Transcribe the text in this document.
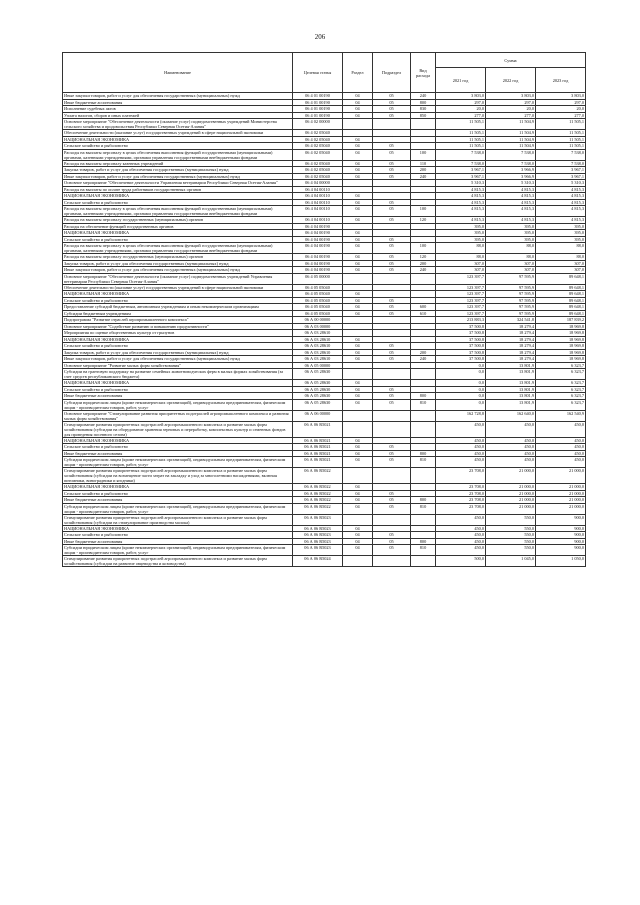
206
Наименование	Целевая статья	Раздел	Подраздел	Вид расхода	Сумма		
					2021 год	2022 год	2023 год
Иные закупки товаров, работ и услуг для обеспечения государственных (муниципальных) нужд	06 4 01 00190	04	05	240	3 803,0	3 803,0	3 803,0
Иные бюджетные ассигнования	06 4 01 00190	04	05	800	297,0	297,0	297,0
Исполнение судебных актов	06 4 01 00190	04	05	830	20,0	20,0	20,0
Уплата налогов, сборов и иных платежей	06 4 01 00190	04	05	850	277,0	277,0	277,0
Основное мероприятие "Обеспечение деятельности (оказание услуг) подведомственных учреждений Министерства сельского хозяйства и продовольствия Республики Северная Осетия-Алания"	06 4 02 00000				11 505,1	11 504,9	11 505,1
Обеспечение деятельности (оказание услуг) государственных учреждений в сфере национальной экономики	06 4 02 05040				11 505,1	11 504,9	11 505,1
НАЦИОНАЛЬНАЯ ЭКОНОМИКА	06 4 02 05040	04			11 505,1	11 504,9	11 505,1
Сельское хозяйство и рыболовство	06 4 02 05040	04	05		11 505,1	11 504,9	11 505,1
Расходы на выплаты персоналу в целях обеспечения выполнения функций государственными (муниципальными) органами, казенными учреждениями, органами управления государственными внебюджетными фондами	06 4 02 05040	04	05	100	7 538,0	7 538,0	7 538,0
Расходы на выплаты персоналу казенных учреждений	06 4 02 05040	04	05	110	7 538,0	7 538,0	7 538,0
Закупка товаров, работ и услуг для обеспечения государственных (муниципальных) нужд	06 4 02 05040	04	05	200	3 967,1	3 966,9	3 967,1
Иные закупки товаров, работ и услуг для обеспечения государственных (муниципальных) нужд	06 4 02 05040	04	05	240	3 967,1	3 966,9	3 967,1
Основное мероприятие "Обеспечение деятельности Управления ветеринарии Республики Северная Осетия-Алания"	06 4 04 00000				5 310,3	5 310,3	5 310,3
Расходы на выплаты по оплате труда работников государственных органов	06 4 04 00110				4 815,3	4 815,3	4 815,3
НАЦИОНАЛЬНАЯ ЭКОНОМИКА	06 4 04 00110	04			4 815,3	4 815,3	4 815,3
Сельское хозяйство и рыболовство	06 4 04 00110	04	05		4 815,3	4 815,3	4 815,3
Расходы на выплаты персоналу в целях обеспечения выполнения функций государственными (муниципальными) органами, казенными учреждениями, органами управления государственными внебюджетными фондами	06 4 04 00110	04	05	100	4 815,3	4 815,3	4 815,3
Расходы на выплаты персоналу государственных (муниципальных) органов	06 4 04 00110	04	05	120	4 815,3	4 815,3	4 815,3
Расходы на обеспечение функций государственных органов	06 4 04 00190				395,0	395,0	395,0
НАЦИОНАЛЬНАЯ ЭКОНОМИКА	06 4 04 00190	04			395,0	395,0	395,0
Сельское хозяйство и рыболовство	06 4 04 00190	04	05		395,0	395,0	395,0
Расходы на выплаты персоналу в целях обеспечения выполнения функций государственными (муниципальными) органами, казенными учреждениями, органами управления государственными внебюджетными фондами	06 4 04 00190	04	05	100	88,0	88,0	88,0
Расходы на выплаты персоналу государственных (муниципальных) органов	06 4 04 00190	04	05	120	88,0	88,0	88,0
Закупка товаров, работ и услуг для обеспечения государственных (муниципальных) нужд	06 4 04 00190	04	05	200	307,0	307,0	307,0
Иные закупки товаров, работ и услуг для обеспечения государственных (муниципальных) нужд	06 4 04 00190	04	05	240	307,0	307,0	307,0
Основное мероприятие "Обеспечение деятельности (оказание услуг) подведомственных учреждений Управления ветеринарии Республики Северная Осетия-Алания"	06 4 05 00000				123 397,7	97 595,9	89 648,1
Обеспечение деятельности (оказание услуг) государственных учреждений в сфере национальной экономики	06 4 05 05040				123 397,7	97 595,9	89 648,1
НАЦИОНАЛЬНАЯ ЭКОНОМИКА	06 4 05 05040	04			123 397,7	97 595,9	89 648,1
Сельское хозяйство и рыболовство	06 4 05 05040	04	05		123 397,7	97 595,9	89 648,1
Предоставление субсидий бюджетным, автономным учреждениям и иным некоммерческим организациям	06 4 05 05040	04	05	600	123 397,7	97 595,9	89 648,1
Субсидии бюджетным учреждениям	06 4 05 05040	04	05	610	123 397,7	97 595,9	89 648,1
Подпрограмма "Развитие отраслей агропромышленного комплекса"	06 А 00 00000				213 883,3	324 541,8	187 839,2
Основное мероприятие "Содействие развитию и повышению продуктивности"	06 А 03 00000				37 500,8	18 279,4	18 969,8
Мероприятия по оценке общественных культур от грызунов	06 А 03 28610				37 500,8	18 279,4	18 969,8
НАЦИОНАЛЬНАЯ ЭКОНОМИКА	06 А 03 28610	04			37 500,8	18 279,4	18 969,8
Сельское хозяйство и рыболовство	06 А 03 28610	04	05		37 500,8	18 279,4	18 969,8
Закупка товаров, работ и услуг для обеспечения государственных (муниципальных) нужд	06 А 03 28610	04	05	200	37 500,8	18 279,4	18 969,8
Иные закупки товаров, работ и услуг для обеспечения государственных (муниципальных) нужд	06 А 03 28610	04	05	240	37 500,8	18 279,4	18 969,8
Основное мероприятие "Развитие малых форм хозяйствования"	06 А 05 00000				0,0	13 801,9	6 323,7
Субсидии на грантовую поддержку на развитие семейных животноводческих ферм в малых формах хозяйствования (за счет средств республиканского бюджета)	06 А 05 28630				0,0	13 801,9	6 323,7
НАЦИОНАЛЬНАЯ ЭКОНОМИКА	06 А 05 28630	04			0,0	13 801,9	6 323,7
Сельское хозяйство и рыболовство	06 А 05 28630	04	05		0,0	13 801,9	6 323,7
Иные бюджетные ассигнования	06 А 05 28630	04	05	800	0,0	13 801,9	6 323,7
Субсидии юридическим лицам (кроме некоммерческих организаций), индивидуальным предпринимателям, физическим лицам - производителям товаров, работ, услуг	06 А 05 28630	04	05	810	0,0	13 801,9	6 323,7
Основное мероприятие "Стимулирование развития приоритетных подотраслей агропромышленного комплекса и развития малых форм хозяйствования"	06 А 06 00000				162 728,8	162 640,0	162 540,9
Стимулирование развития приоритетных подотраслей агропромышленного комплекса и развитие малых форм хозяйствования (субсидии на оборудование хранения зерновых и переработку, комплексных культур и семенных фондов для проведения посевного сезона)	06 А 06 R5021				450,0	450,0	450,0
НАЦИОНАЛЬНАЯ ЭКОНОМИКА	06 А 06 R5021	04			450,0	450,0	450,0
Сельское хозяйство и рыболовство	06 А 06 R5021	04	05		450,0	450,0	450,0
Иные бюджетные ассигнования	06 А 06 R5021	04	05	800	450,0	450,0	450,0
Субсидии юридическим лицам (кроме некоммерческих организаций), индивидуальным предпринимателям, физическим лицам - производителям товаров, работ, услуг	06 А 06 R5021	04	05	810	450,0	450,0	450,0
Стимулирование развития приоритетных подотраслей агропромышленного комплекса и развитие малых форм хозяйствования (субсидии на возмещение части затрат на закладку и уход за многолетними насаждениями, включая питомники, виноградники и ягодники)	06 А 06 R5022				23 708,0	21 000,0	21 000,0
НАЦИОНАЛЬНАЯ ЭКОНОМИКА	06 А 06 R5022	04			23 708,0	21 000,0	21 000,0
Сельское хозяйство и рыболовство	06 А 06 R5022	04	05		23 708,0	21 000,0	21 000,0
Иные бюджетные ассигнования	06 А 06 R5022	04	05	800	23 708,0	21 000,0	21 000,0
Субсидии юридическим лицам (кроме некоммерческих организаций), индивидуальным предпринимателям, физическим лицам - производителям товаров, работ, услуг	06 А 06 R5022	04	05	810	23 708,0	21 000,0	21 000,0
Стимулирование развития приоритетных подотраслей агропромышленного комплекса и развитие малых форм хозяйствования (субсидии на стимулирование производства молока)	06 А 06 R5023				450,0	550,0	900,0
НАЦИОНАЛЬНАЯ ЭКОНОМИКА	06 А 06 R5023	04			450,0	550,0	900,0
Сельское хозяйство и рыболовство	06 А 06 R5023	04	05		450,0	550,0	900,0
Иные бюджетные ассигнования	06 А 06 R5023	04	05	800	450,0	550,0	900,0
Субсидии юридическим лицам (кроме некоммерческих организаций), индивидуальным предпринимателям, физическим лицам - производителям товаров, работ, услуг	06 А 06 R5023	04	05	810	450,0	550,0	900,0
Стимулирование развития приоритетных подотраслей агропромышленного комплекса и развитие малых форм хозяйствования (субсидии на развитие овцеводства и козоводства)	06 А 06 R5024				500,0	1 045,0	1 050,0
